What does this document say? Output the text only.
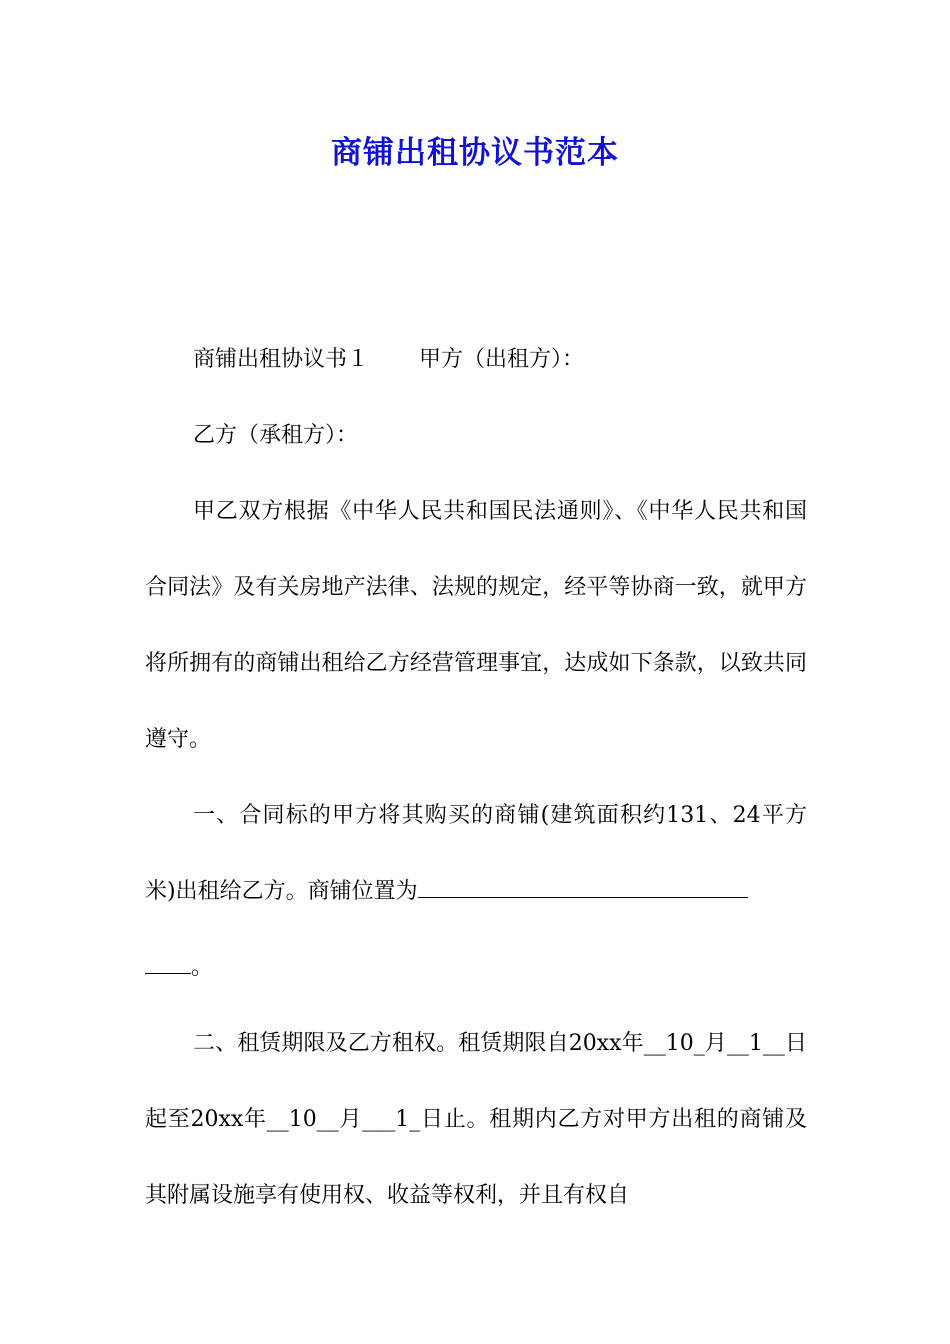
商铺出租协议书范本

商铺出租协议书１ 甲方（出租方）：

乙方（承租方）：

甲乙双方根据《中华人民共和国民法通则》、《中华人民共和国合同法》及有关房地产法律、法规的规定，经平等协商一致，就甲方将所拥有的商铺出租给乙方经营管理事宜，达成如下条款，以致共同遵守。

一、合同标的甲方将其购买的商铺(建筑面积约131、24平方米)出租给乙方。商铺位置为
。

二、租赁期限及乙方租权。租赁期限自20xx年__10_月__1__日起至20xx年__10__月___1_日止。租期内乙方对甲方出租的商铺及其附属设施享有使用权、收益等权利，并且有权自
